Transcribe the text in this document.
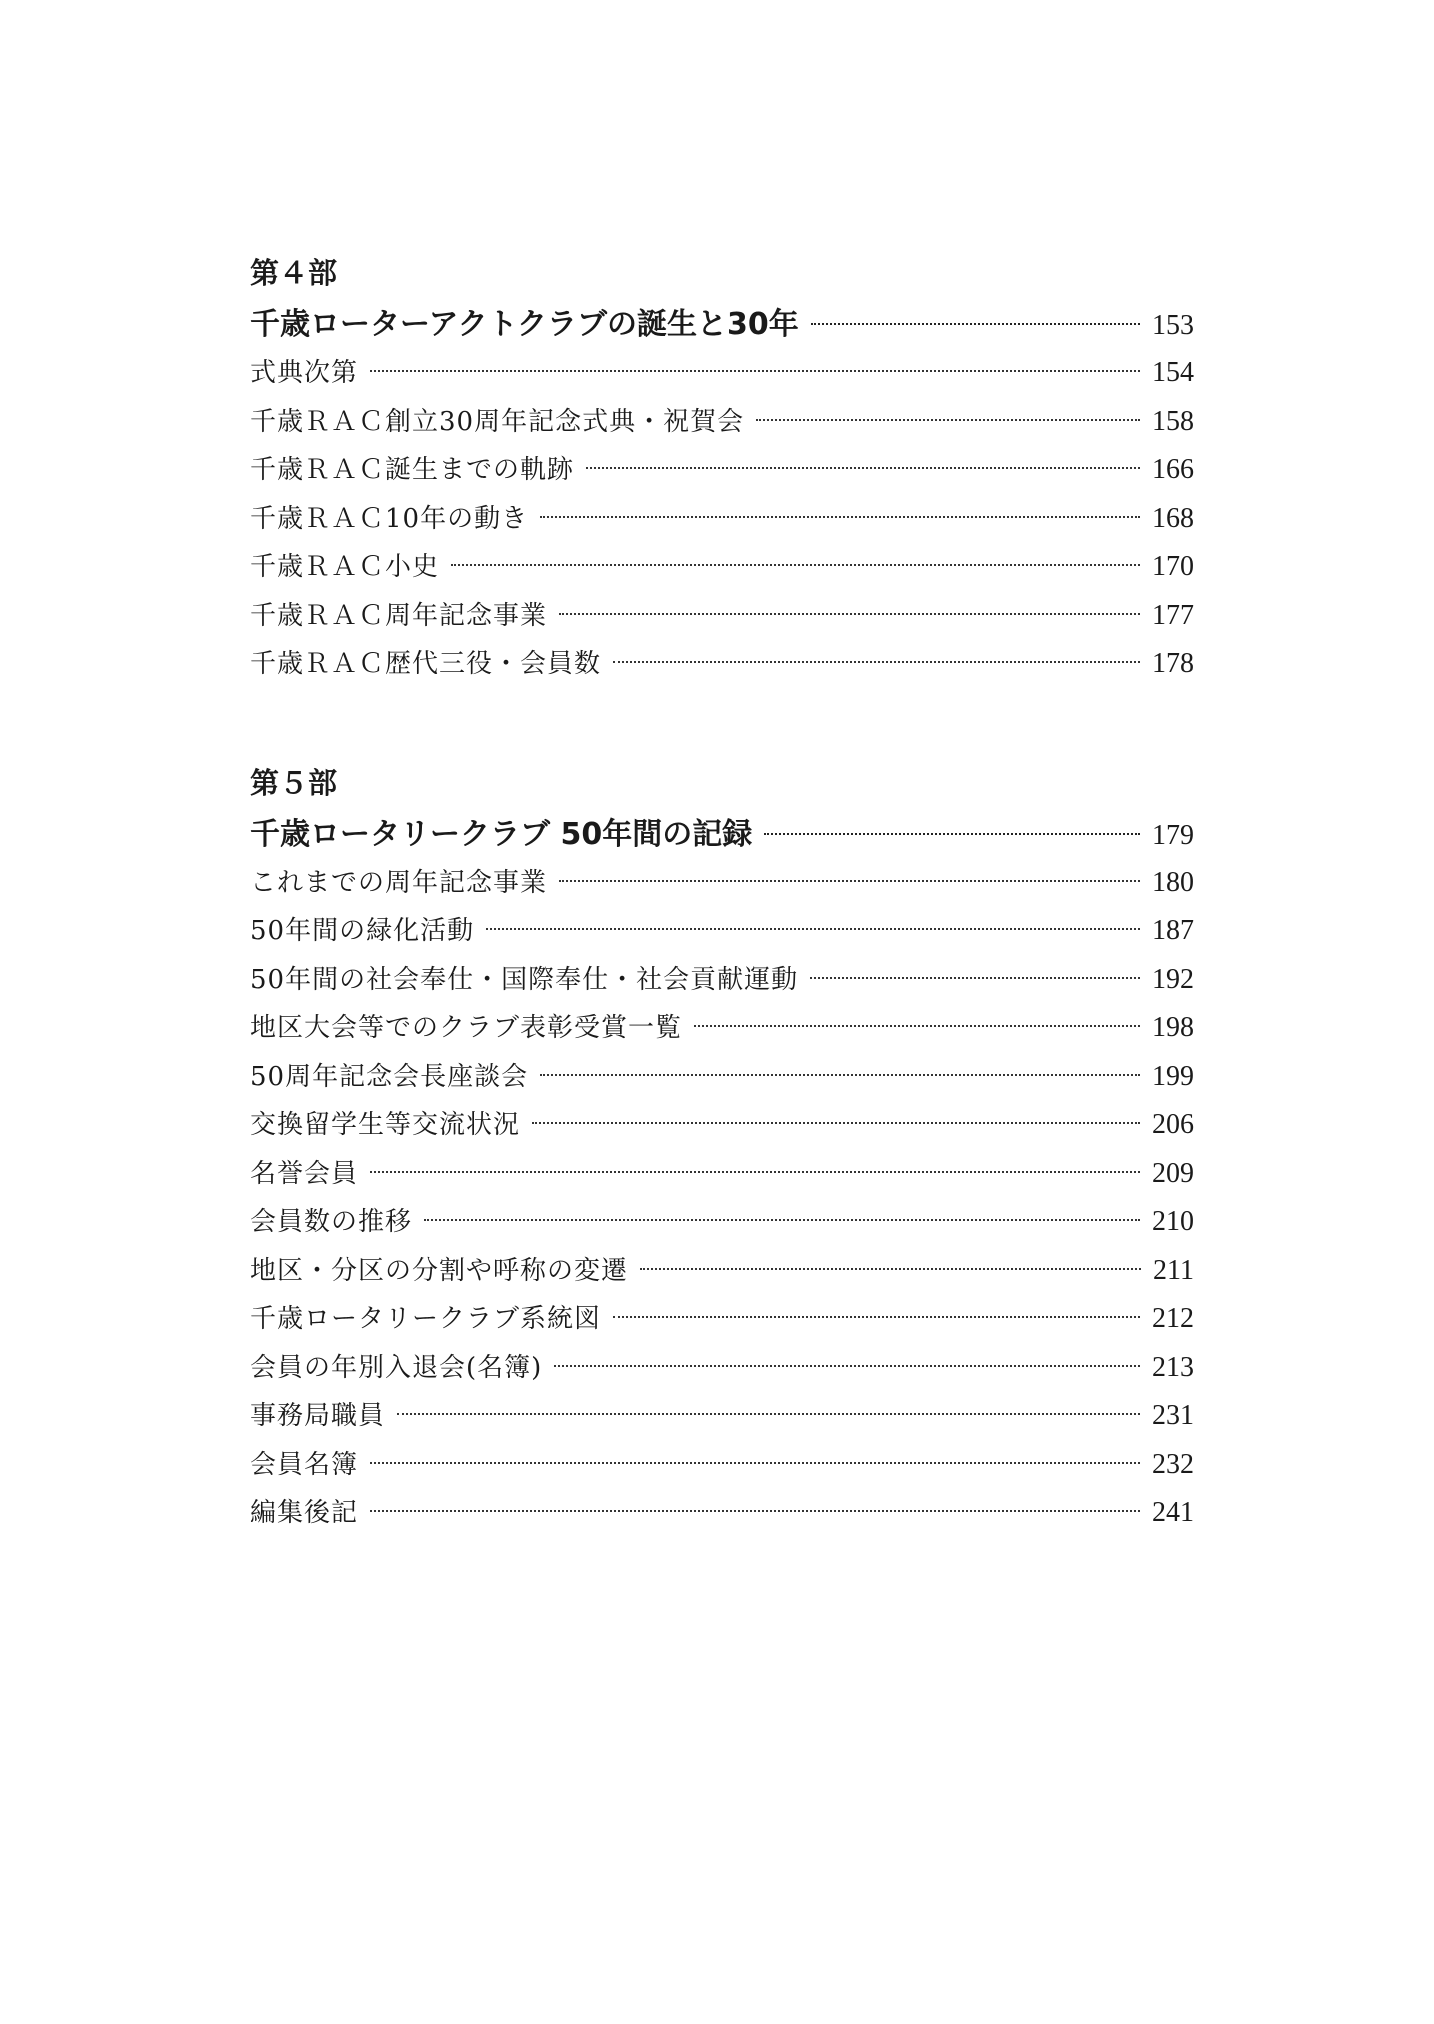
第４部
千歳ローターアクトクラブの誕生と30年	153
式典次第	154
千歳ＲＡＣ創立30周年記念式典・祝賀会	158
千歳ＲＡＣ誕生までの軌跡	166
千歳ＲＡＣ10年の動き	168
千歳ＲＡＣ小史	170
千歳ＲＡＣ周年記念事業	177
千歳ＲＡＣ歴代三役・会員数	178
第５部
千歳ロータリークラブ 50年間の記録	179
これまでの周年記念事業	180
50年間の緑化活動	187
50年間の社会奉仕・国際奉仕・社会貢献運動	192
地区大会等でのクラブ表彰受賞一覧	198
50周年記念会長座談会	199
交換留学生等交流状況	206
名誉会員	209
会員数の推移	210
地区・分区の分割や呼称の変遷	211
千歳ロータリークラブ系統図	212
会員の年別入退会(名簿)	213
事務局職員	231
会員名簿	232
編集後記	241
